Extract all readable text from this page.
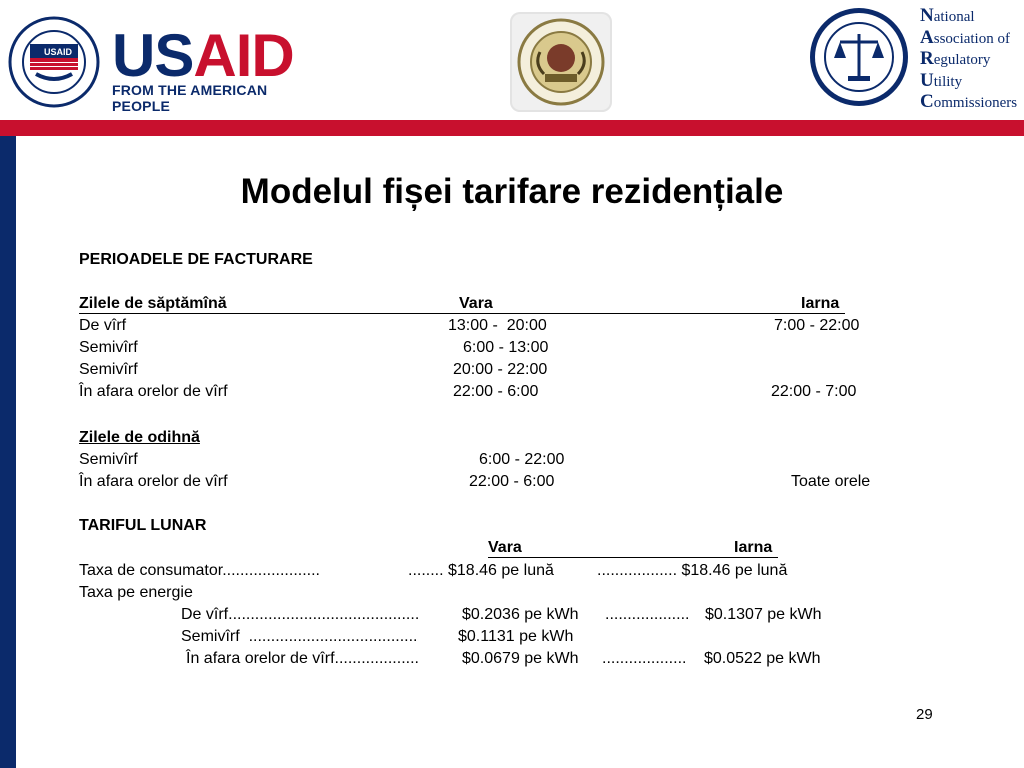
USAID USAID
FROM THE AMERICAN PEOPLE
National
Association of
Regulatory
Utility
Commissioners
Modelul fișei tarifare rezidențiale
PERIOADELE DE FACTURARE
Zilele de săptămînă	Vara	Iarna
De vîrf	13:00 -  20:00	7:00 - 22:00
Semivîrf	6:00 - 13:00
Semivîrf	20:00 - 22:00
În afara orelor de vîrf	22:00 - 6:00	22:00 - 7:00
Zilele de odihnă
Semivîrf	6:00 - 22:00
În afara orelor de vîrf	22:00 - 6:00	Toate orele
TARIFUL LUNAR
Vara	Iarna
Taxa de consumator......................	........ $18.46 pe lună	.................. $18.46 pe lună
Taxa pe energie
De vîrf...........................................	$0.2036 pe kWh ................... $0.1307 pe kWh
Semivîrf  ......................................	$0.1131 pe kWh
În afara orelor de vîrf...................	$0.0679 pe kWh ................... $0.0522 pe kWh
29
